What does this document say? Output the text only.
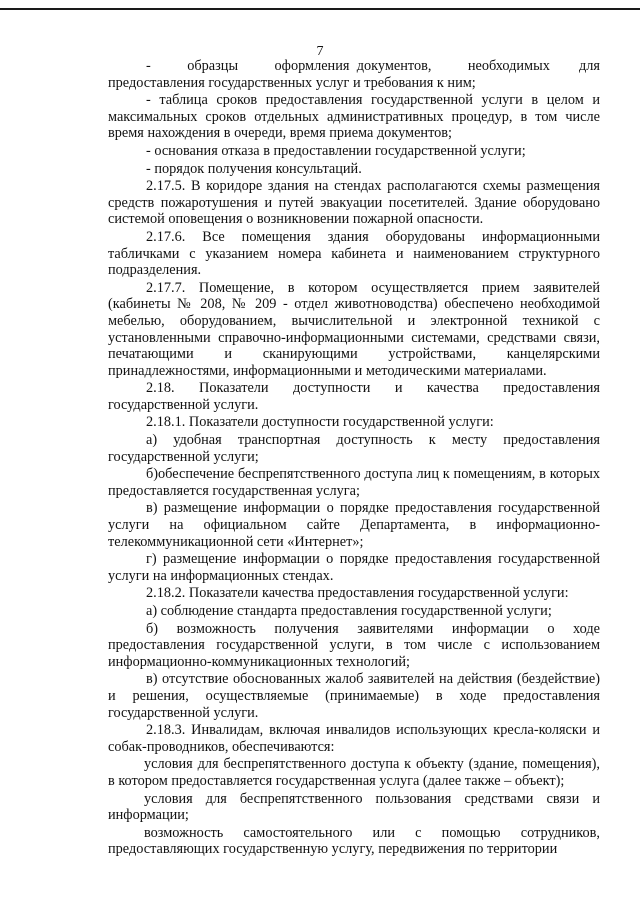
7

-     образцы     оформления документов,     необходимых    для предоставления государственных услуг и требования к ним;

- таблица сроков предоставления государственной услуги в целом и максимальных сроков отдельных административных процедур, в том числе время нахождения в очереди, время приема документов;

- основания отказа в предоставлении государственной услуги;

- порядок получения консультаций.

2.17.5. В коридоре здания на стендах располагаются схемы размещения средств пожаротушения и путей эвакуации посетителей. Здание оборудовано системой оповещения о возникновении пожарной опасности.

2.17.6. Все помещения здания оборудованы информационными табличками с указанием номера кабинета и наименованием структурного подразделения.

2.17.7. Помещение, в котором осуществляется прием заявителей (кабинеты № 208, № 209 - отдел животноводства) обеспечено необходимой мебелью, оборудованием, вычислительной и электронной техникой с установленными справочно-информационными системами, средствами связи, печатающими и сканирующими устройствами, канцелярскими принадлежностями, информационными и методическими материалами.

2.18. Показатели доступности и качества предоставления государственной услуги.

2.18.1. Показатели доступности государственной услуги:

а) удобная транспортная доступность к месту предоставления государственной услуги;

б)обеспечение беспрепятственного доступа лиц к помещениям, в которых предоставляется государственная услуга;

в) размещение информации о порядке предоставления государственной услуги на официальном сайте Департамента, в информационно-телекоммуникационной сети «Интернет»;

г) размещение информации о порядке предоставления государственной услуги на информационных стендах.

2.18.2. Показатели качества предоставления государственной услуги:

а) соблюдение стандарта предоставления государственной услуги;

б) возможность получения заявителями информации о ходе предоставления государственной услуги, в том числе с использованием информационно-коммуникационных технологий;

в) отсутствие обоснованных жалоб заявителей на действия (бездействие) и решения, осуществляемые (принимаемые) в ходе предоставления государственной услуги.

2.18.3. Инвалидам, включая инвалидов использующих кресла-коляски и собак-проводников, обеспечиваются:

условия для беспрепятственного доступа к объекту (здание, помещения), в котором предоставляется государственная услуга (далее также – объект);

условия для беспрепятственного пользования средствами связи и информации;

возможность самостоятельного или с помощью сотрудников, предоставляющих государственную услугу, передвижения по территории
